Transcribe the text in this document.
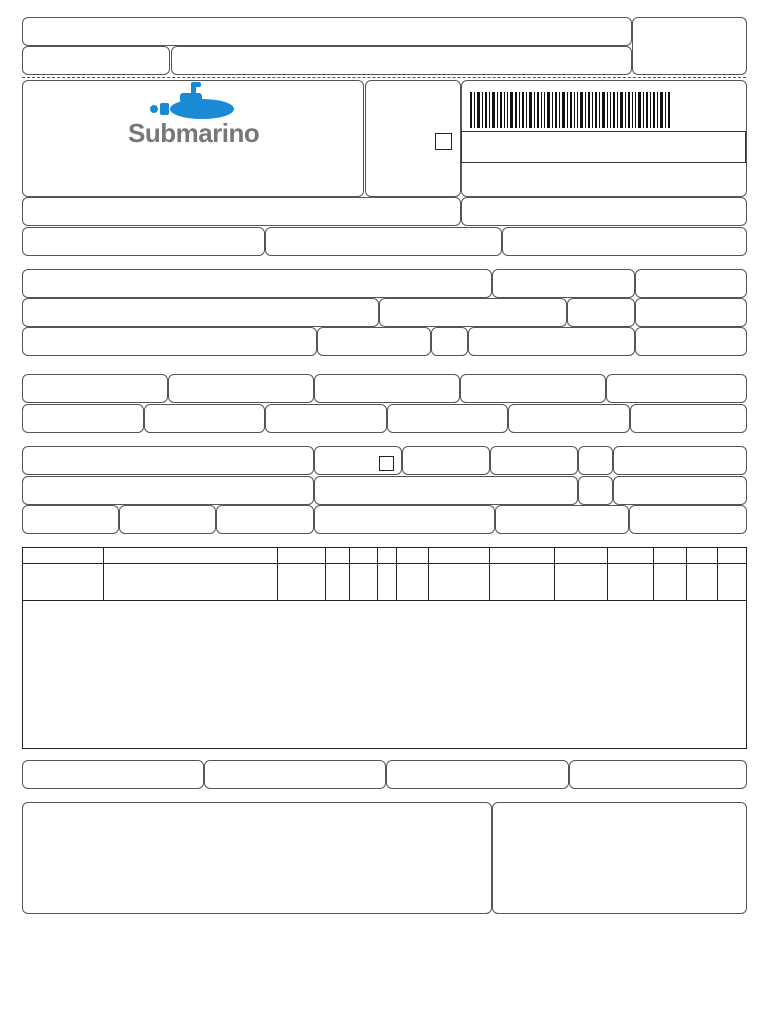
Submarino
